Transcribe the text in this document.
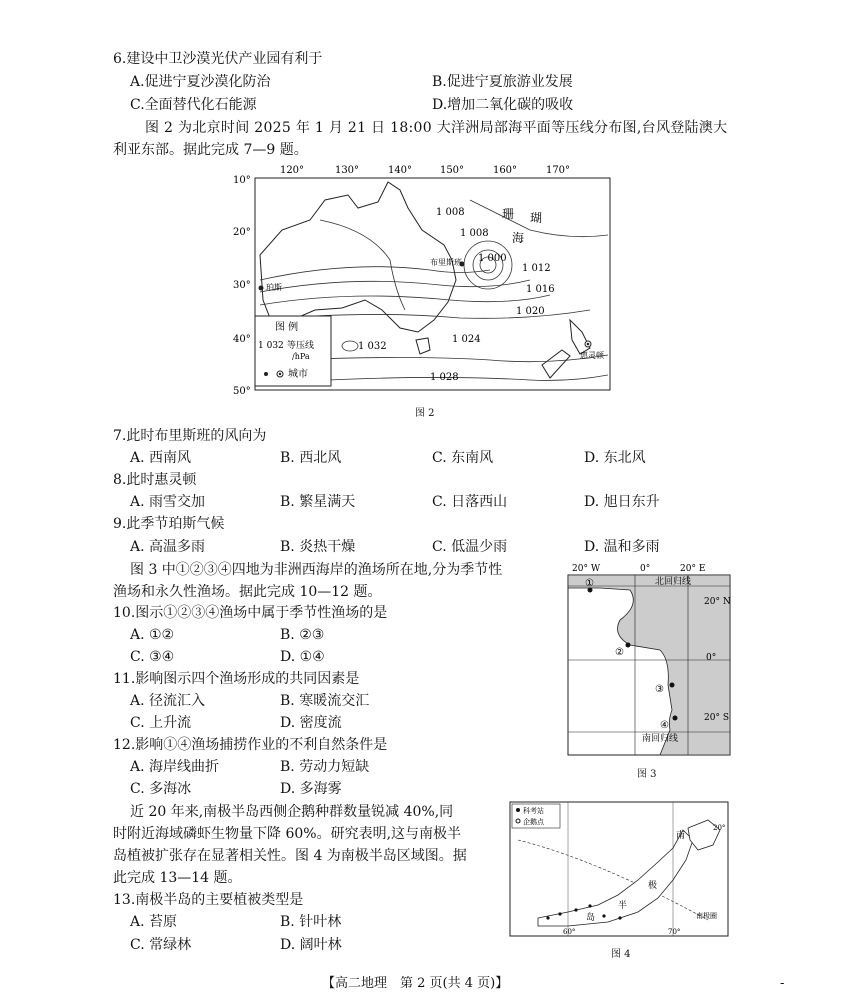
6.建设中卫沙漠光伏产业园有利于
A.促进宁夏沙漠化防治	B.促进宁夏旅游业发展
C.全面替代化石能源	D.增加二氧化碳的吸收
图 2 为北京时间 2025 年 1 月 21 日 18:00 大洋洲局部海平面等压线分布图,台风登陆澳大
利亚东部。据此完成 7—9 题。
120°	130°	140°	150°	160°	170°
10°
20°
30°
40°
50°
1 008
1 008
1 000
1 012
1 016
1 020
1 024
1 028
1 032
珊 瑚
海
布里斯班
珀斯
惠灵顿
图 例
1 032 等压线
/hPa
城市
图 2
7.此时布里斯班的风向为
A. 西南风	B. 西北风	C. 东南风	D. 东北风
8.此时惠灵顿
A. 雨雪交加	B. 繁星满天	C. 日落西山	D. 旭日东升
9.此季节珀斯气候
A. 高温多雨	B. 炎热干燥	C. 低温少雨	D. 温和多雨
图 3 中①②③④四地为非洲西海岸的渔场所在地,分为季节性
渔场和永久性渔场。据此完成 10—12 题。
20° W	0°	20° E
北回归线
南回归线
20° N
0°
20° S
①
②
③
④
图 3
10.图示①②③④渔场中属于季节性渔场的是
A. ①②	B. ②③
C. ③④	D. ①④
11.影响图示四个渔场形成的共同因素是
A. 径流汇入	B. 寒暖流交汇
C. 上升流	D. 密度流
12.影响①④渔场捕捞作业的不利自然条件是
A. 海岸线曲折	B. 劳动力短缺
C. 多海冰	D. 多海雾
近 20 年来,南极半岛西侧企鹅种群数量锐减 40%,同
时附近海域磷虾生物量下降 60%。研究表明,这与南极半
岛植被扩张存在显著相关性。图 4 为南极半岛区域图。据
此完成 13—14 题。
科考站
企鹅点
南
极
半
岛	南极圈
60°	70°
20°
图 4
13.南极半岛的主要植被类型是
A. 苔原	B. 针叶林
C. 常绿林	D. 阔叶林
【高二地理　第 2 页(共 4 页)】	-
